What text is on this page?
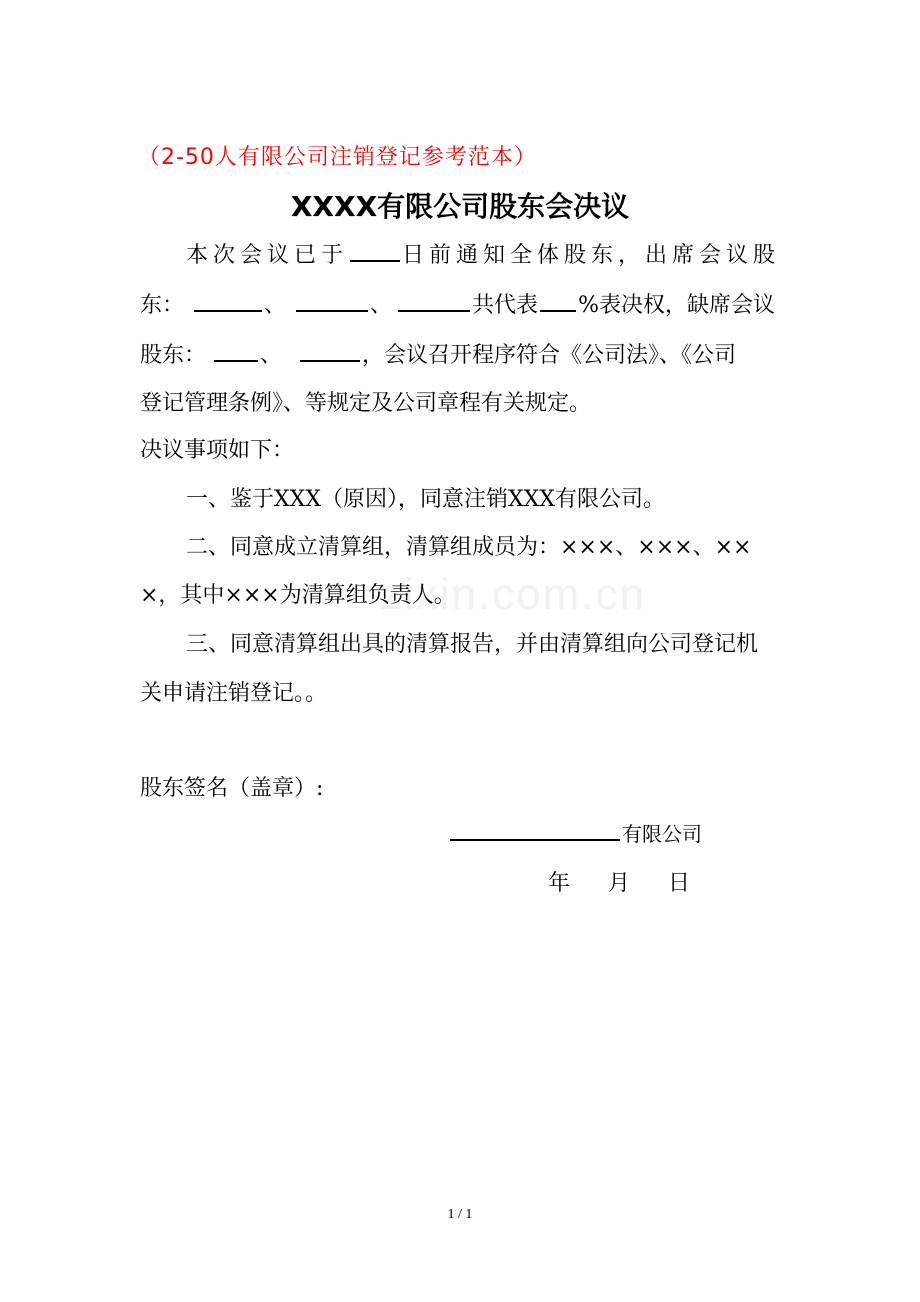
zixin.com.cn
（2-50人有限公司注销登记参考范本）
XXXX有限公司股东会决议
本次会议已于 日前通知全体股东，出席会议股
东：	、	、	共代表 %表决权，缺席会议
股东： 、	，会议召开程序符合《公司法》、《公司
登记管理条例》、等规定及公司章程有关规定。
决议事项如下：
一、鉴于XXX（原因），同意注销XXX有限公司。
二、同意成立清算组，清算组成员为：×××、×××、××
×，其中×××为清算组负责人。
三、同意清算组出具的清算报告，并由清算组向公司登记机
关申请注销登记。。
股东签名（盖章）:
有限公司
年 月 日
1 / 1
